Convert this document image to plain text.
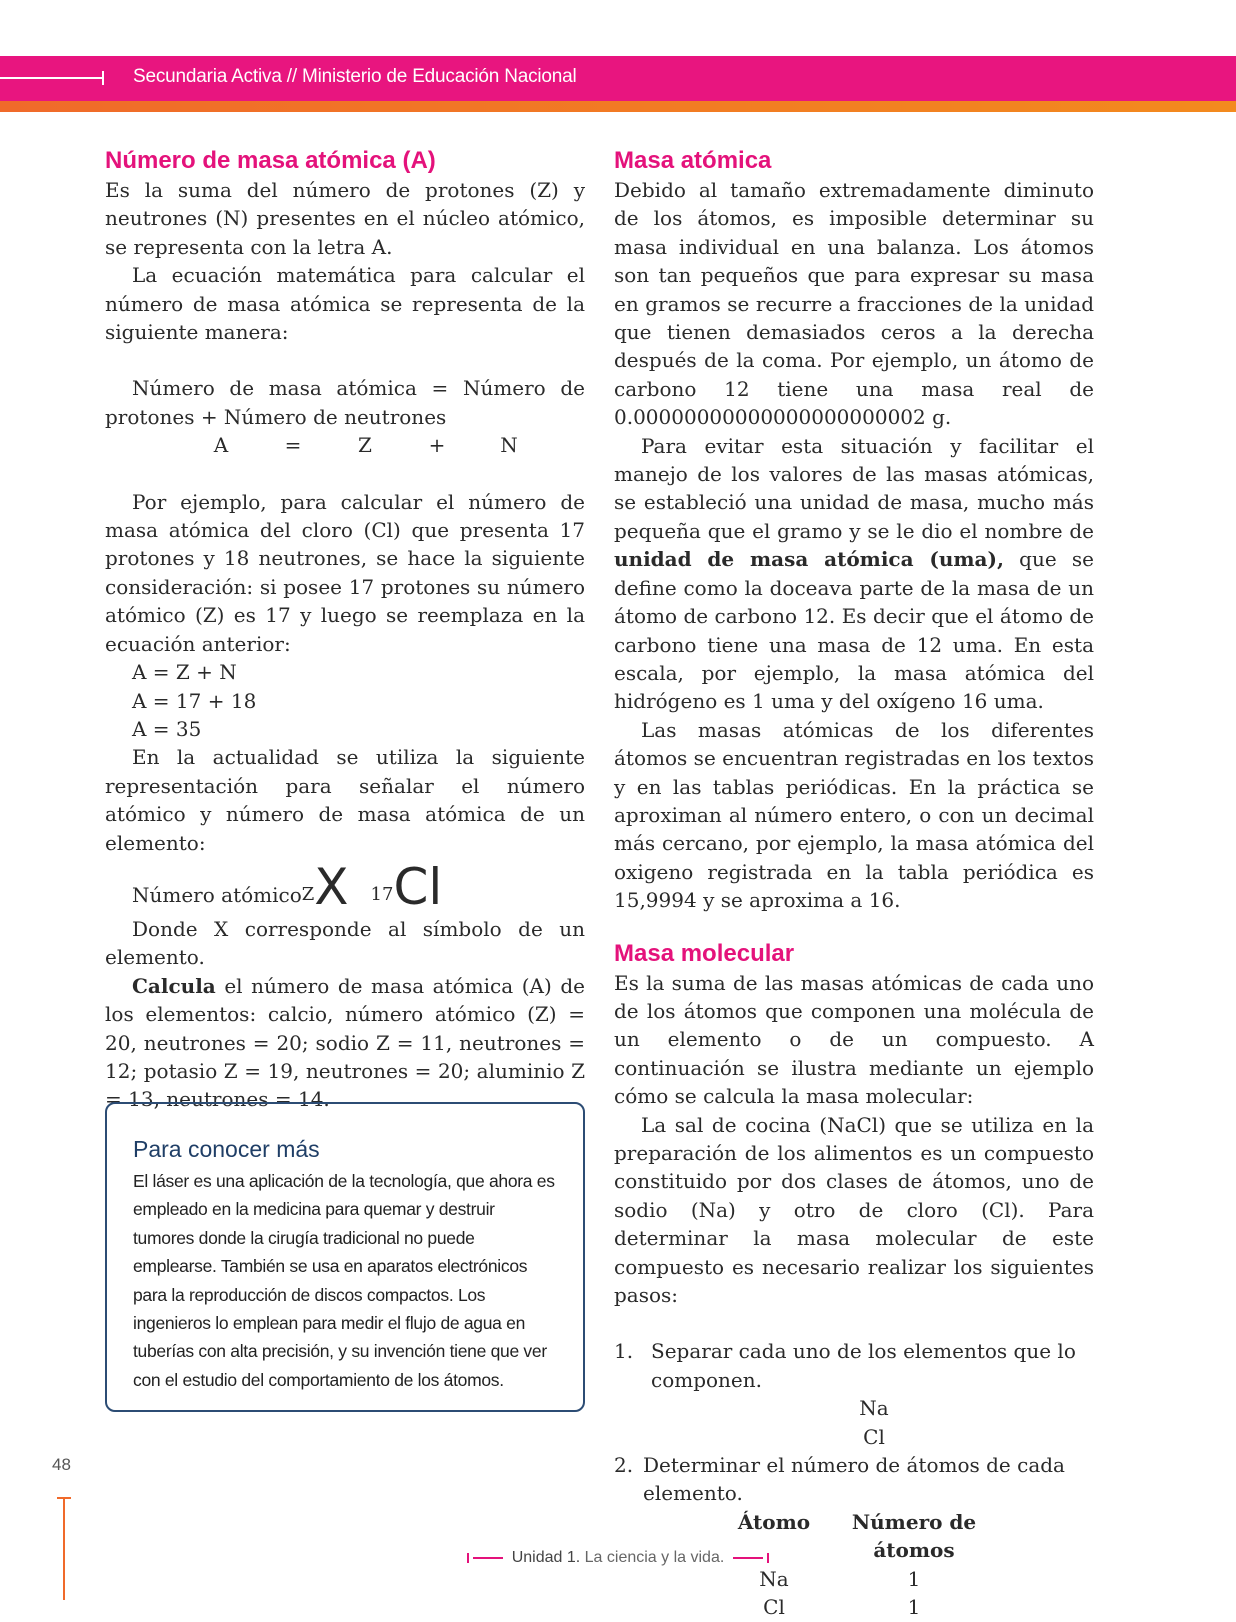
Secundaria Activa // Ministerio de Educación Nacional
Número de masa atómica (A)

Es la suma del número de protones (Z) y neutrones (N) presentes en el núcleo atómico, se representa con la letra A.

La ecuación matemática para calcular el número de masa atómica se representa de la siguiente manera:

Número de masa atómica = Número de protones + Número de neutrones

A	=	Z	+	N

Por ejemplo, para calcular el número de masa atómica del cloro (Cl) que presenta 17 protones y 18 neutrones, se hace la siguiente consideración: si posee 17 protones su número atómico (Z) es 17 y luego se reemplaza en la ecuación anterior:

A = Z + N

A = 17 + 18

A = 35

En la actualidad se utiliza la siguiente representación para señalar el número atómico y número de masa atómica de un elemento:

Número atómico Z X 17 Cl

Donde X corresponde al símbolo de un elemento.

Calcula el número de masa atómica (A) de los elementos: calcio, número atómico (Z) = 20, neutrones = 20; sodio Z = 11, neutrones = 12; potasio Z = 19, neutrones = 20; aluminio Z = 13, neutrones = 14.

Para conocer más

El láser es una aplicación de la tecnología, que ahora es empleado en la medicina para quemar y destruir tumores donde la cirugía tradicional no puede emplearse. También se usa en aparatos electrónicos para la reproducción de discos compactos. Los ingenieros lo emplean para medir el flujo de agua en tuberías con alta precisión, y su invención tiene que ver con el estudio del comportamiento de los átomos.

Masa atómica

Debido al tamaño extremadamente diminuto de los átomos, es imposible determinar su masa individual en una balanza. Los átomos son tan pequeños que para expresar su masa en gramos se recurre a fracciones de la unidad que tienen demasiados ceros a la derecha después de la coma. Por ejemplo, un átomo de carbono 12 tiene una masa real de 0.00000000000000000000002 g.

Para evitar esta situación y facilitar el manejo de los valores de las masas atómicas, se estableció una unidad de masa, mucho más pequeña que el gramo y se le dio el nombre de unidad de masa atómica (uma), que se define como la doceava parte de la masa de un átomo de carbono 12. Es decir que el átomo de carbono tiene una masa de 12 uma. En esta escala, por ejemplo, la masa atómica del hidrógeno es 1 uma y del oxígeno 16 uma.

Las masas atómicas de los diferentes átomos se encuentran registradas en los textos y en las tablas periódicas. En la práctica se aproximan al número entero, o con un decimal más cercano, por ejemplo, la masa atómica del oxigeno registrada en la tabla periódica es 15,9994 y se aproxima a 16.

Masa molecular

Es la suma de las masas atómicas de cada uno de los átomos que componen una molécula de un elemento o de un compuesto. A continuación se ilustra mediante un ejemplo cómo se calcula la masa molecular:

La sal de cocina (NaCl) que se utiliza en la preparación de los alimentos es un compuesto constituido por dos clases de átomos, uno de sodio (Na) y otro de cloro (Cl). Para determinar la masa molecular de este compuesto es necesario realizar los siguientes pasos:

1. Separar cada uno de los elementos que lo componen.
Na
Cl
2. Determinar el número de átomos de cada elemento.
Átomo	Número de átomos
Na	1
Cl	1
48
Unidad 1. La ciencia y la vida.
